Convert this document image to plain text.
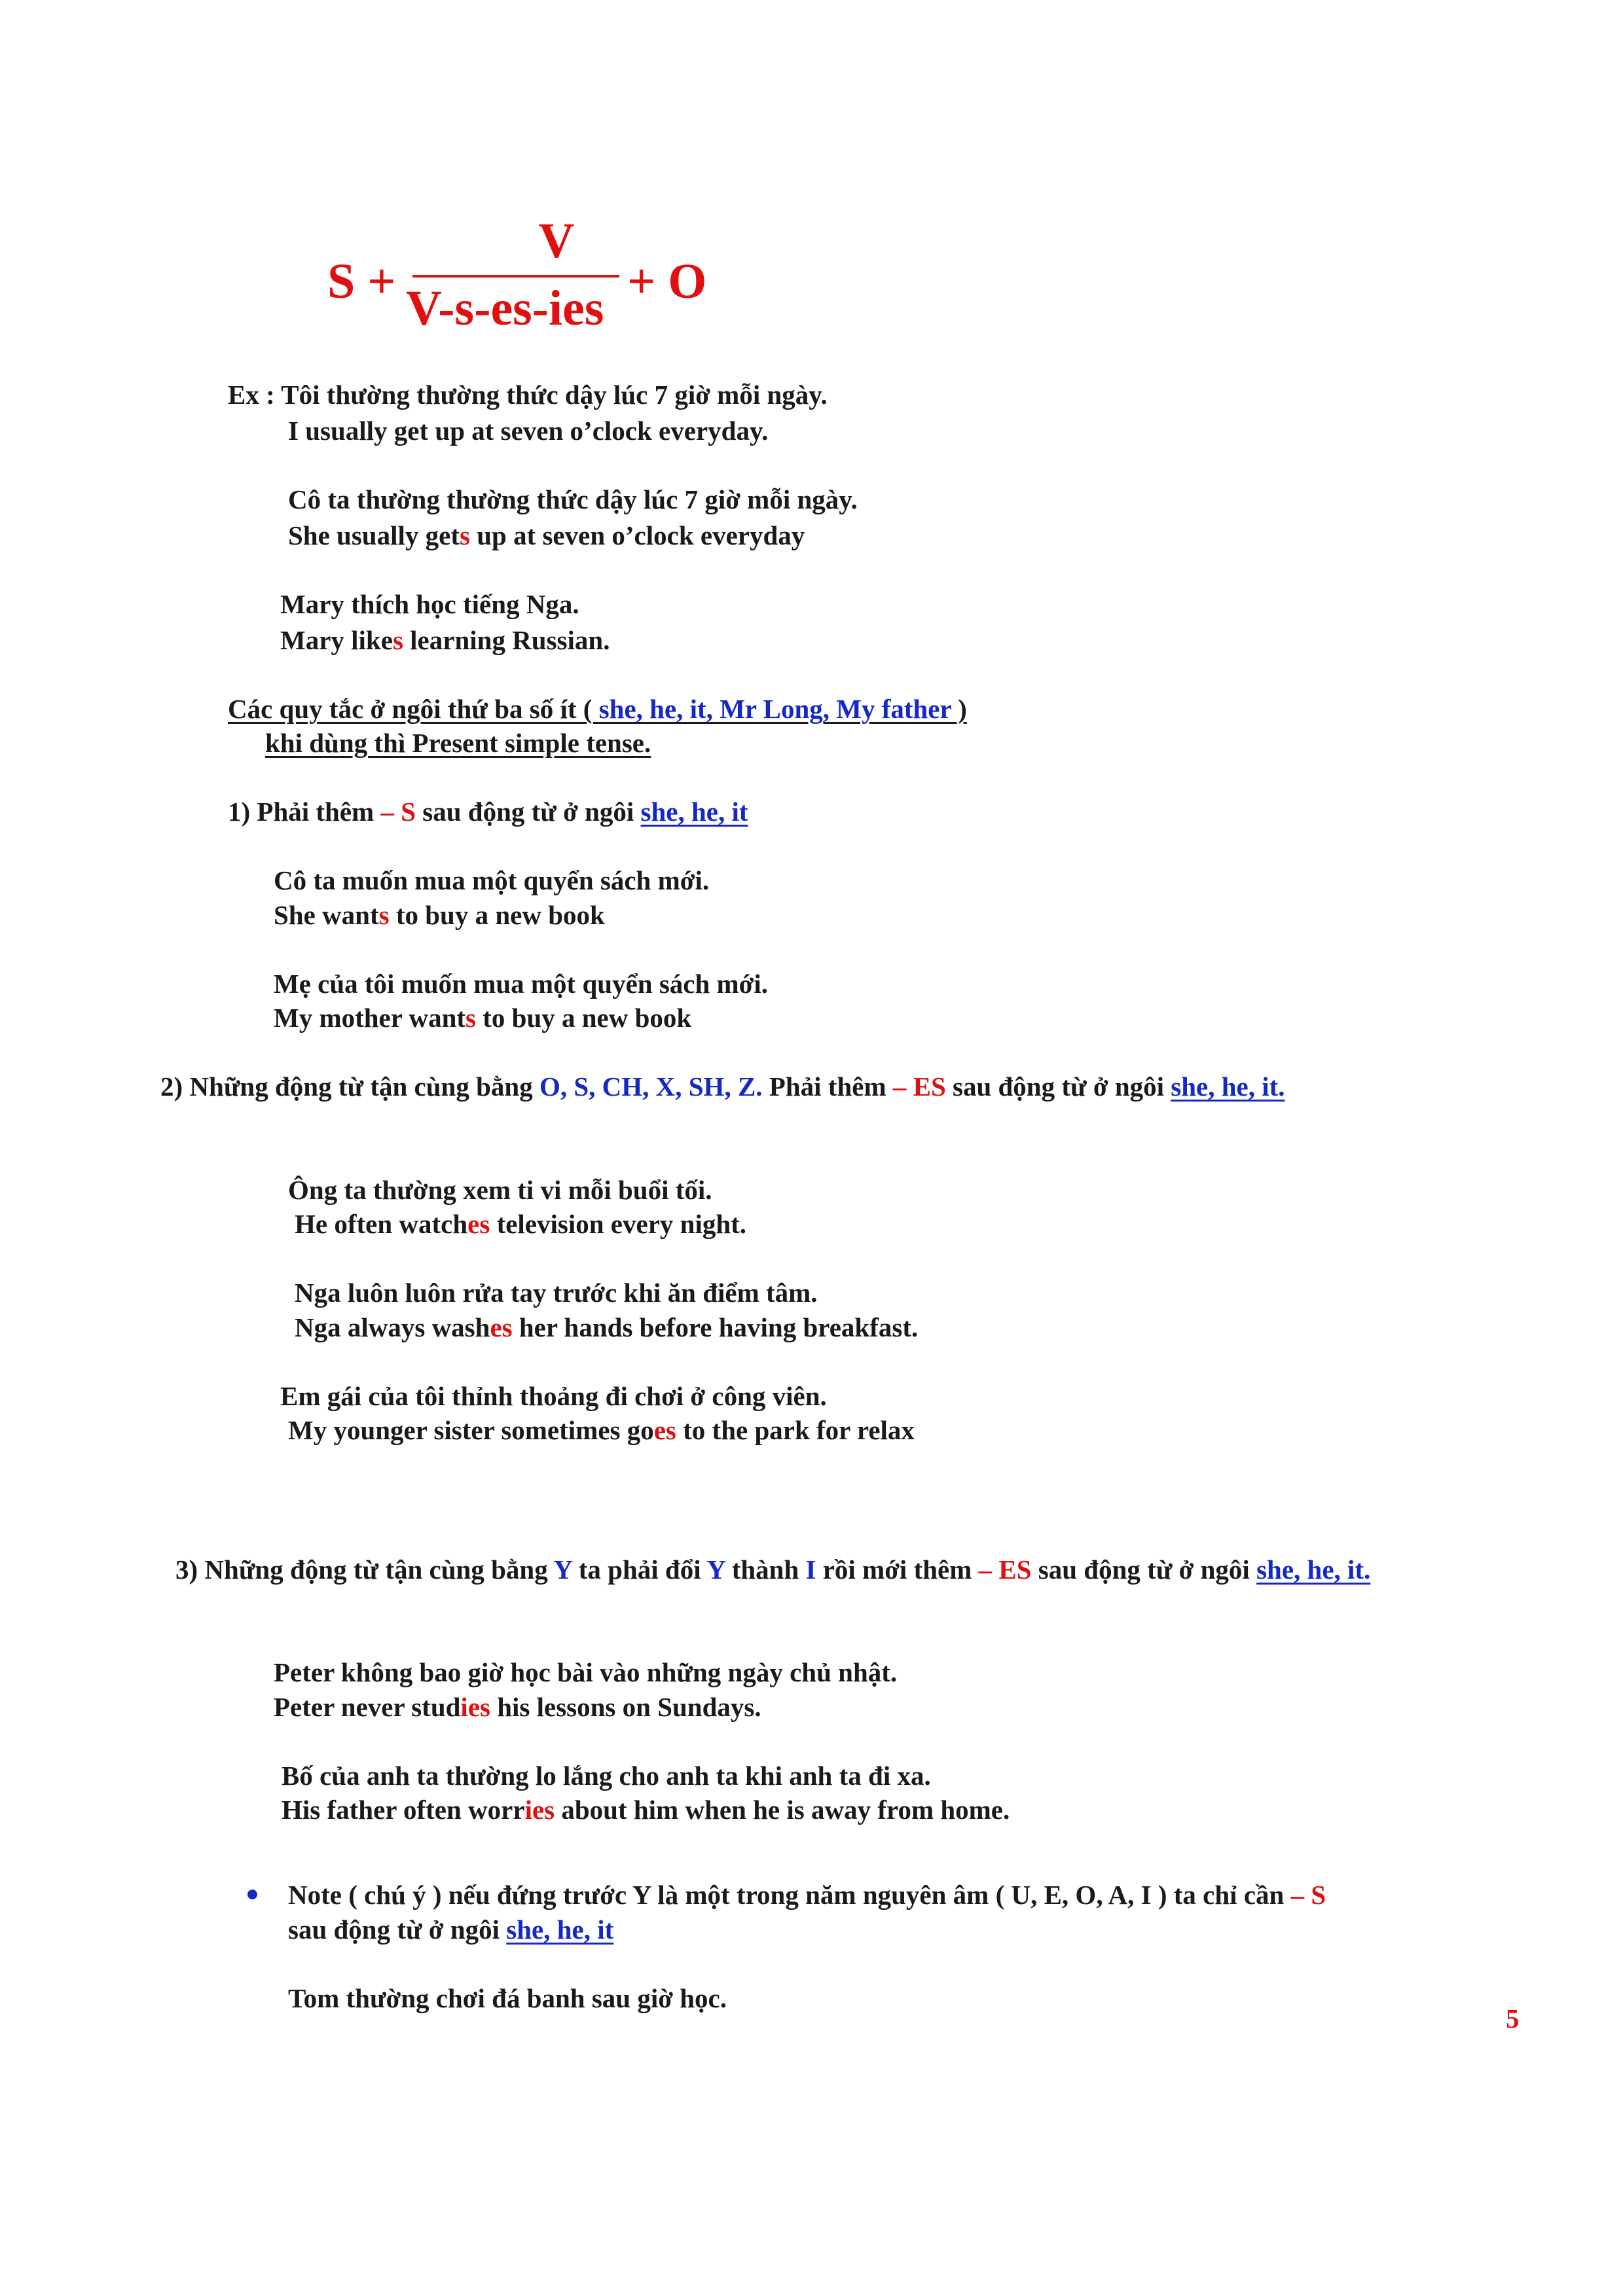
S +
V
V-s-es-ies + O
Ex : Tôi thường thường thức dậy lúc 7 giờ mỗi ngày.
I usually get up at seven o’clock everyday.
Cô ta thường thường thức dậy lúc 7 giờ mỗi ngày.
She usually gets up at seven o’clock everyday
Mary thích học tiếng Nga.
Mary likes learning Russian.
Các quy tắc ở ngôi thứ ba số ít ( she, he, it, Mr Long, My father )
khi dùng thì Present simple tense.
1) Phải thêm – S sau động từ ở ngôi she, he, it
Cô ta muốn mua một quyển sách mới.
She wants to buy a new book
Mẹ của tôi muốn mua một quyển sách mới.
My mother wants to buy a new book
2) Những động từ tận cùng bằng O, S, CH, X, SH, Z. Phải thêm – ES sau động từ ở ngôi she, he, it.
Ông ta thường xem ti vi mỗi buổi tối.
He often watches television every night.
Nga luôn luôn rửa tay trước khi ăn điểm tâm.
Nga always washes her hands before having breakfast.
Em gái của tôi thỉnh thoảng đi chơi ở công viên.
My younger sister sometimes goes to the park for relax
3) Những động từ tận cùng bằng Y ta phải đổi Y thành I rồi mới thêm – ES sau động từ ở ngôi she, he, it.
Peter không bao giờ học bài vào những ngày chủ nhật.
Peter never studies his lessons on Sundays.
Bố của anh ta thường lo lắng cho anh ta khi anh ta đi xa.
His father often worries about him when he is away from home.
Note ( chú ý ) nếu đứng trước Y là một trong năm nguyên âm ( U, E, O, A, I ) ta chỉ cần – S
sau động từ ở ngôi she, he, it
Tom thường chơi đá banh sau giờ học.
5
